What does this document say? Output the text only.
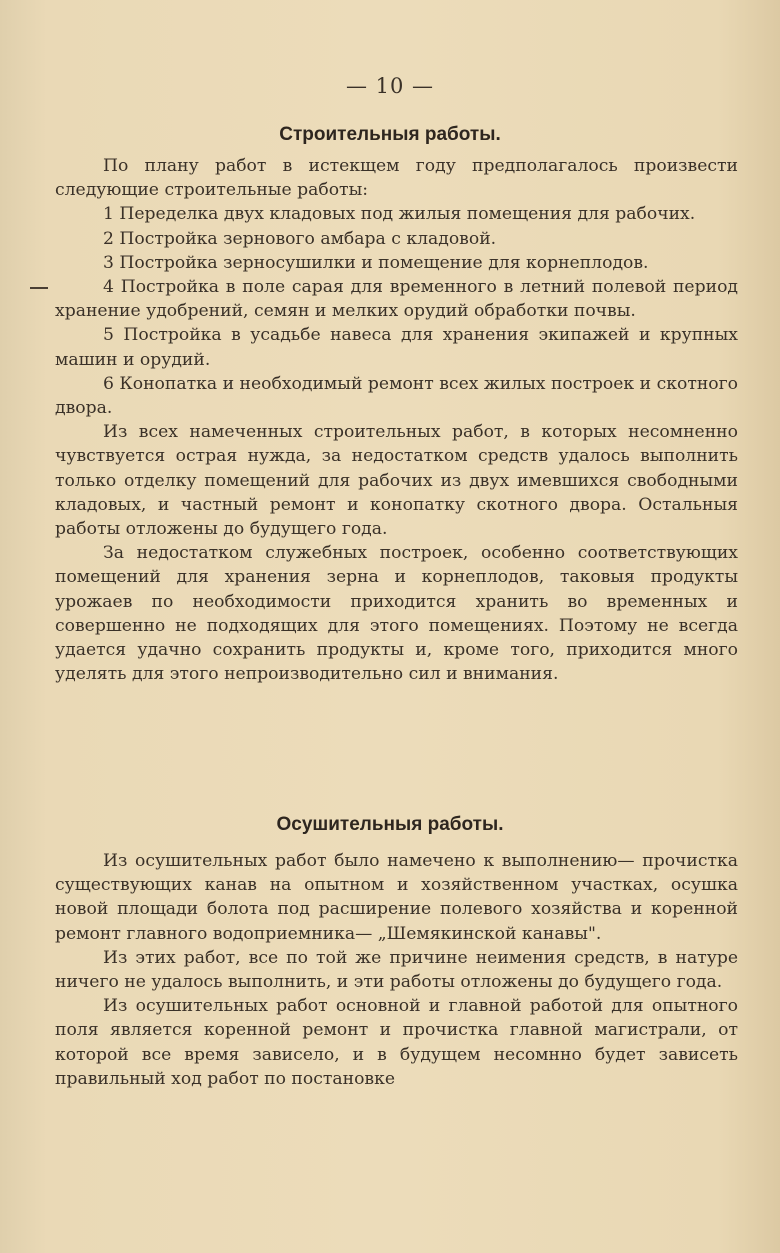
— 10 —
Строительныя работы.

По плану работ в истекщем году предполагалось произвести следующие строительные работы:

1 Переделка двух кладовых под жилыя помещения для рабочих.

2 Постройка зернового амбара с кладовой.

3 Постройка зерносушилки и помещение для корнеплодов.

4 Постройка в поле сарая для временного в летний полевой период хранение удобрений, семян и мелких орудий обработки почвы.

5 Постройка в усадьбе навеса для хранения экипажей и крупных машин и орудий.

6 Конопатка и необходимый ремонт всех жилых построек и скотного двора.

Из всех намеченных строительных работ, в которых несомненно чувствуется острая нужда, за недостатком средств удалось выполнить только отделку помещений для рабочих из двух имевшихся свободными кладовых, и частный ремонт и конопатку скотного двора. Остальныя работы отложены до будущего года.

За недостатком служебных построек, особенно соответствующих помещений для хранения зерна и корнеплодов, таковыя продукты урожаев по необходимости приходится хранить во временных и совершенно не подходящих для этого помещениях. Поэтому не всегда удается удачно сохранить продукты и, кроме того, приходится много уделять для этого непроизводительно сил и внимания.

Осушительныя работы.

Из осушительных работ было намечено к выполнению— прочистка существующих канав на опытном и хозяйственном участках, осушка новой площади болота под расширение полевого хозяйства и коренной ремонт главного водоприемника— „Шемякинской канавы".

Из этих работ, все по той же причине неимения средств, в натуре ничего не удалось выполнить, и эти работы отложены до будущего года.

Из осушительных работ основной и главной работой для опытного поля является коренной ремонт и прочистка главной магистрали, от которой все время зависело, и в будущем несомнно будет зависеть правильный ход работ по постановке
